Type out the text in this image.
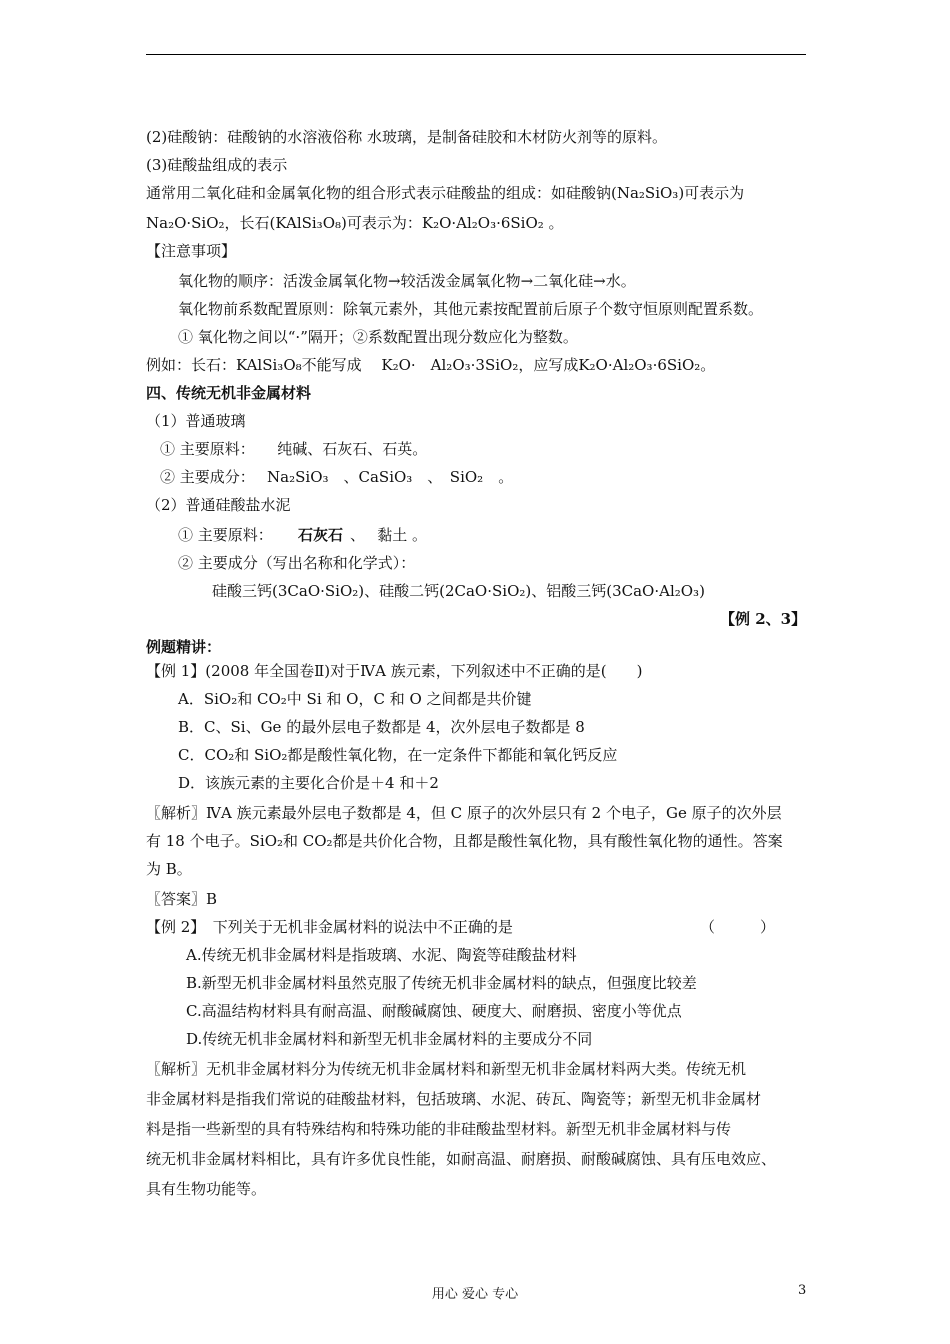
(2)硅酸钠：硅酸钠的水溶液俗称 水玻璃，是制备硅胶和木材防火剂等的原料。
(3)硅酸盐组成的表示
通常用二氧化硅和金属氧化物的组合形式表示硅酸盐的组成：如硅酸钠(Na₂SiO₃)可表示为
Na₂O·SiO₂，长石(KAlSi₃O₈)可表示为：K₂O·Al₂O₃·6SiO₂ 。
【注意事项】
氧化物的顺序：活泼金属氧化物→较活泼金属氧化物→二氧化硅→水。
氧化物前系数配置原则：除氧元素外，其他元素按配置前后原子个数守恒原则配置系数。
① 氧化物之间以“·”隔开；②系数配置出现分数应化为整数。
例如：长石：KAlSi₃O₈不能写成　 K₂O·　Al₂O₃·3SiO₂，应写成K₂O·Al₂O₃·6SiO₂。
四、传统无机非金属材料
（1）普通玻璃
① 主要原料：　　纯碱、石灰石、石英。
② 主要成分：　 Na₂SiO₃　、CaSiO₃　、　SiO₂　。
（2）普通硅酸盐水泥
① 主要原料： 石灰石 、　 黏土 。
② 主要成分（写出名称和化学式）：
硅酸三钙(3CaO·SiO₂)、硅酸二钙(2CaO·SiO₂)、铝酸三钙(3CaO·Al₂O₃)
【例 2、3】
例题精讲：
【例 1】(2008 年全国卷Ⅱ)对于ⅣA 族元素，下列叙述中不正确的是(　　)
A．SiO₂和 CO₂中 Si 和 O，C 和 O 之间都是共价键
B．C、Si、Ge 的最外层电子数都是 4，次外层电子数都是 8
C．CO₂和 SiO₂都是酸性氧化物，在一定条件下都能和氧化钙反应
D．该族元素的主要化合价是＋4 和＋2
〖解析〗ⅣA 族元素最外层电子数都是 4，但 C 原子的次外层只有 2 个电子，Ge 原子的次外层
有 18 个电子。SiO₂和 CO₂都是共价化合物，且都是酸性氧化物，具有酸性氧化物的通性。答案
为 B。
〖答案〗B
【例 2】　下列关于无机非金属材料的说法中不正确的是	（　　　）
A.传统无机非金属材料是指玻璃、水泥、陶瓷等硅酸盐材料
B.新型无机非金属材料虽然克服了传统无机非金属材料的缺点，但强度比较差
C.高温结构材料具有耐高温、耐酸碱腐蚀、硬度大、耐磨损、密度小等优点
D.传统无机非金属材料和新型无机非金属材料的主要成分不同
〖解析〗无机非金属材料分为传统无机非金属材料和新型无机非金属材料两大类。传统无机
非金属材料是指我们常说的硅酸盐材料，包括玻璃、水泥、砖瓦、陶瓷等；新型无机非金属材
料是指一些新型的具有特殊结构和特殊功能的非硅酸盐型材料。新型无机非金属材料与传
统无机非金属材料相比，具有许多优良性能，如耐高温、耐磨损、耐酸碱腐蚀、具有压电效应、
具有生物功能等。
用心 爱心 专心	3
